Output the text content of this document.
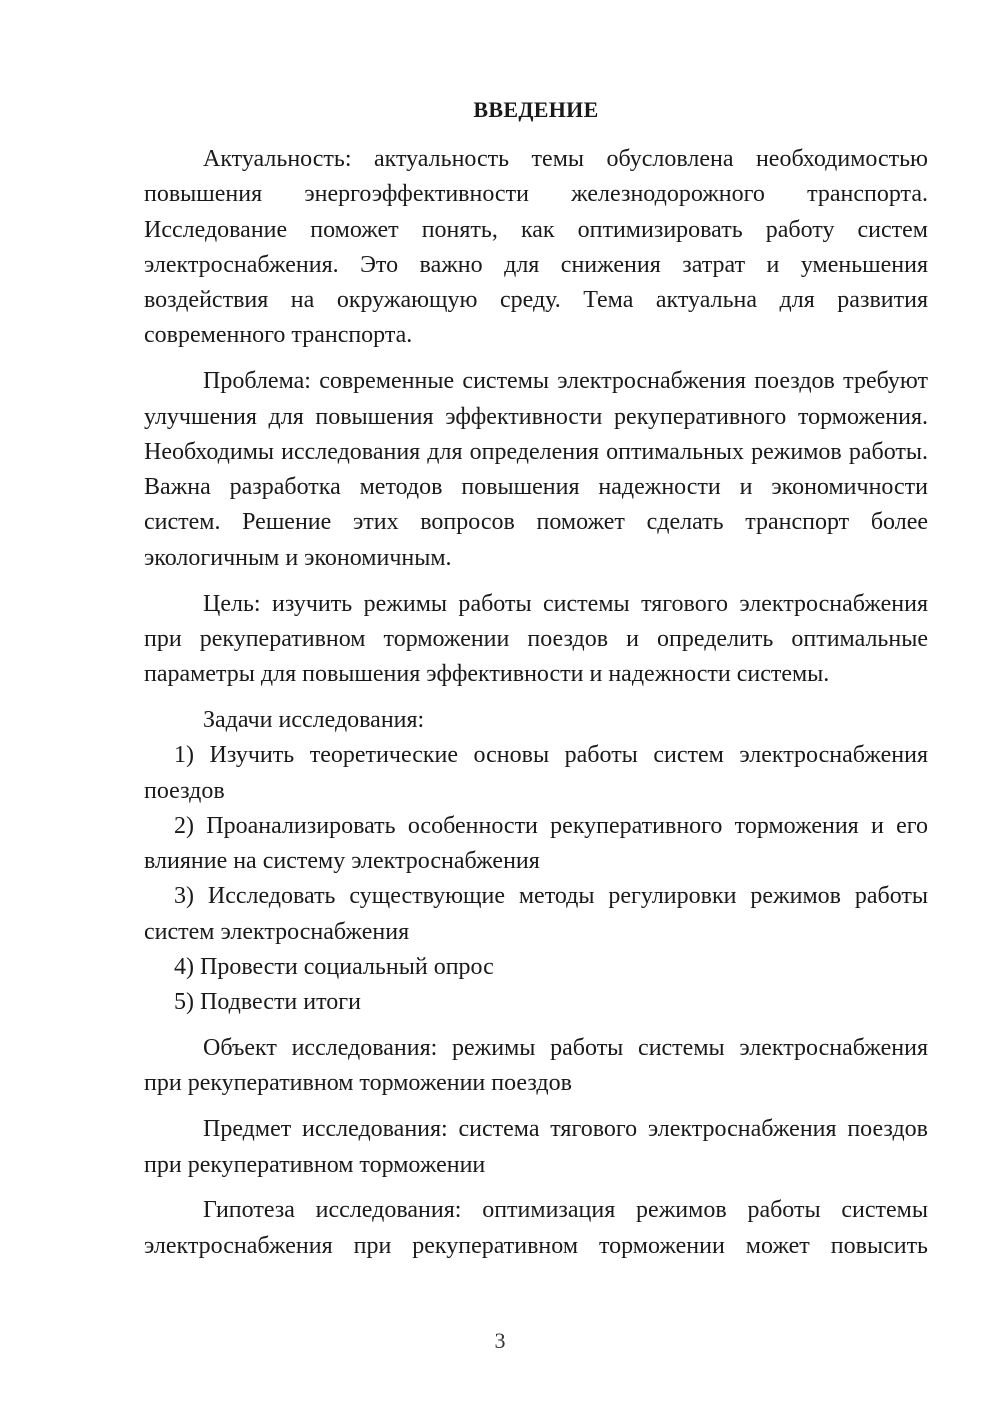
ВВЕДЕНИЕ

Актуальность: актуальность темы обусловлена необходимостью повышения энергоэффективности железнодорожного транспорта. Исследование поможет понять, как оптимизировать работу систем электроснабжения. Это важно для снижения затрат и уменьшения воздействия на окружающую среду. Тема актуальна для развития современного транспорта.

Проблема: современные системы электроснабжения поездов требуют улучшения для повышения эффективности рекуперативного торможения. Необходимы исследования для определения оптимальных режимов работы. Важна разработка методов повышения надежности и экономичности систем. Решение этих вопросов поможет сделать транспорт более экологичным и экономичным.

Цель: изучить режимы работы системы тягового электроснабжения при рекуперативном торможении поездов и определить оптимальные параметры для повышения эффективности и надежности системы.

Задачи исследования:

1) Изучить теоретические основы работы систем электроснабжения поездов

2) Проанализировать особенности рекуперативного торможения и его влияние на систему электроснабжения

3) Исследовать существующие методы регулировки режимов работы систем электроснабжения

4) Провести социальный опрос

5) Подвести итоги

Объект исследования: режимы работы системы электроснабжения при рекуперативном торможении поездов

Предмет исследования: система тягового электроснабжения поездов при рекуперативном торможении

Гипотеза исследования: оптимизация режимов работы системы электроснабжения при рекуперативном торможении может повысить

3
